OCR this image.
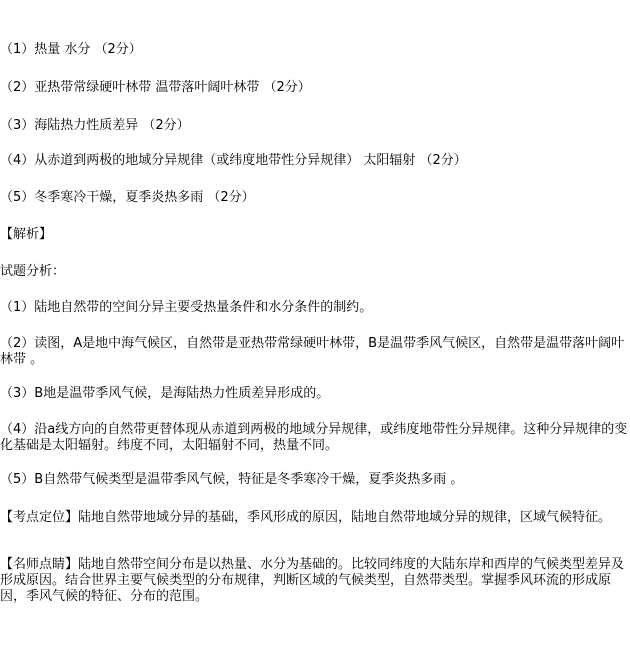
（1）热量 水分 （2分）
（2）亚热带常绿硬叶林带 温带落叶阔叶林带 （2分）
（3）海陆热力性质差异 （2分）
（4）从赤道到两极的地域分异规律（或纬度地带性分异规律） 太阳辐射 （2分）
（5）冬季寒冷干燥，夏季炎热多雨 （2分）
【解析】
试题分析：
（1）陆地自然带的空间分异主要受热量条件和水分条件的制约。
（2）读图，A是地中海气候区，自然带是亚热带常绿硬叶林带，B是温带季风气候区，自然带是温带落叶阔叶林带 。
（3）B地是温带季风气候，是海陆热力性质差异形成的。
（4）沿a线方向的自然带更替体现从赤道到两极的地域分异规律，或纬度地带性分异规律。这种分异规律的变化基础是太阳辐射。纬度不同，太阳辐射不同，热量不同。
（5）B自然带气候类型是温带季风气候，特征是冬季寒冷干燥，夏季炎热多雨 。
【考点定位】陆地自然带地域分异的基础，季风形成的原因，陆地自然带地域分异的规律，区域气候特征。
【名师点睛】陆地自然带空间分布是以热量、水分为基础的。比较同纬度的大陆东岸和西岸的气候类型差异及形成原因。结合世界主要气候类型的分布规律，判断区域的气候类型，自然带类型。掌握季风环流的形成原因，季风气候的特征、分布的范围。
